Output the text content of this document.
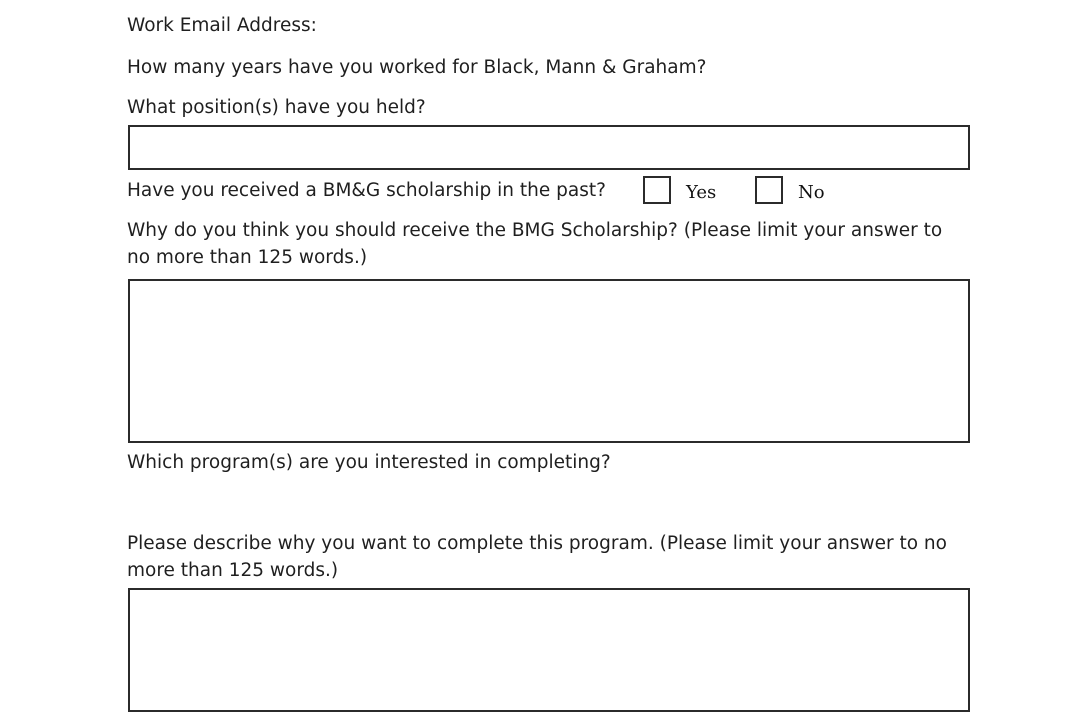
Work Email Address:

How many years have you worked for Black, Mann & Graham?

What position(s) have you held?

Have you received a BM&G scholarship in the past?	Yes	No

Why do you think you should receive the BMG Scholarship? (Please limit your answer to no more than 125 words.)

Which program(s) are you interested in completing?

Please describe why you want to complete this program. (Please limit your answer to no more than 125 words.)
